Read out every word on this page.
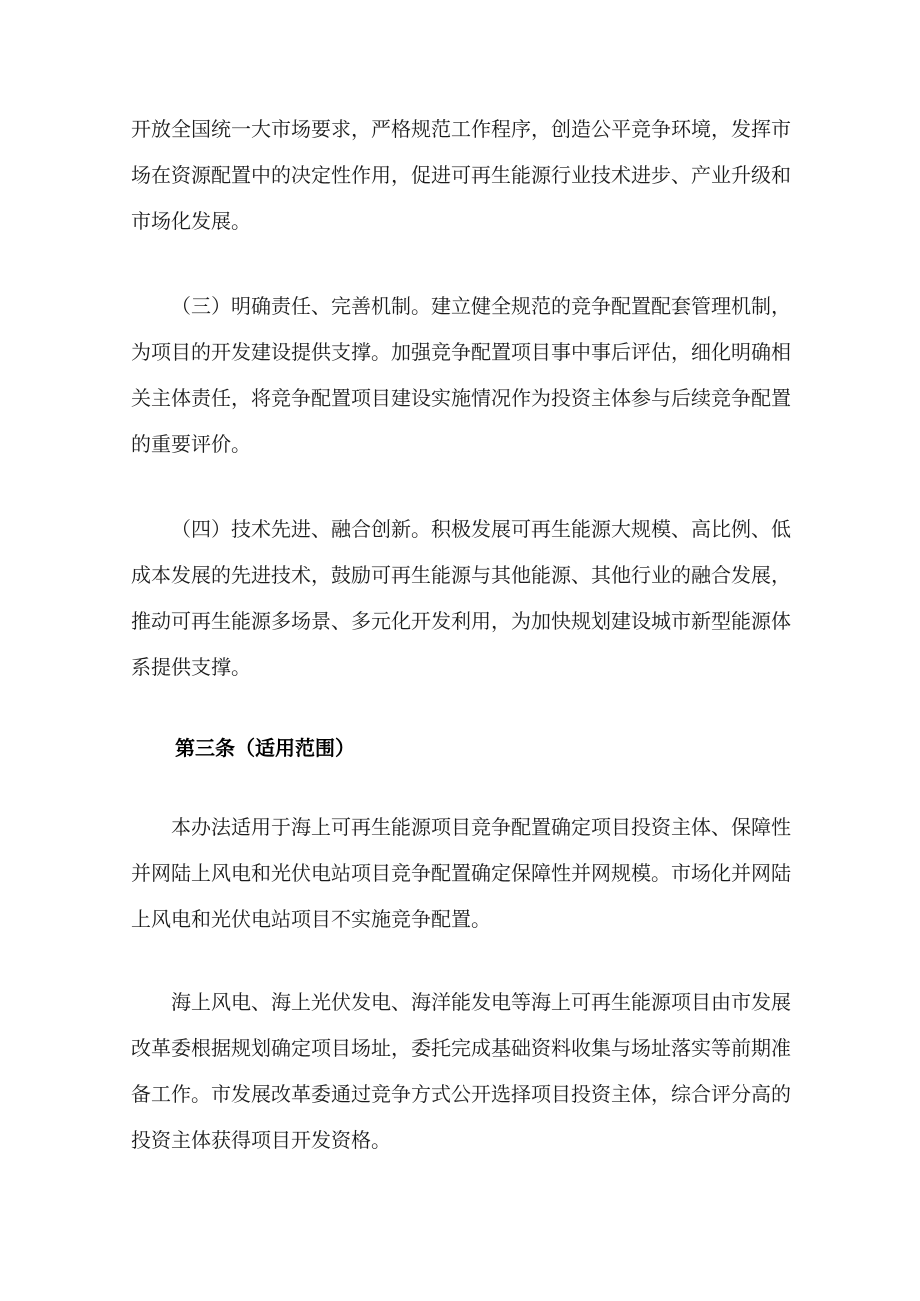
开放全国统一大市场要求，严格规范工作程序，创造公平竞争环境，发挥市场在资源配置中的决定性作用，促进可再生能源行业技术进步、产业升级和市场化发展。

（三）明确责任、完善机制。建立健全规范的竞争配置配套管理机制，为项目的开发建设提供支撑。加强竞争配置项目事中事后评估，细化明确相关主体责任，将竞争配置项目建设实施情况作为投资主体参与后续竞争配置的重要评价。

（四）技术先进、融合创新。积极发展可再生能源大规模、高比例、低成本发展的先进技术，鼓励可再生能源与其他能源、其他行业的融合发展，推动可再生能源多场景、多元化开发利用，为加快规划建设城市新型能源体系提供支撑。

第三条（适用范围）

本办法适用于海上可再生能源项目竞争配置确定项目投资主体、保障性并网陆上风电和光伏电站项目竞争配置确定保障性并网规模。市场化并网陆上风电和光伏电站项目不实施竞争配置。

海上风电、海上光伏发电、海洋能发电等海上可再生能源项目由市发展改革委根据规划确定项目场址，委托完成基础资料收集与场址落实等前期准备工作。市发展改革委通过竞争方式公开选择项目投资主体，综合评分高的投资主体获得项目开发资格。
